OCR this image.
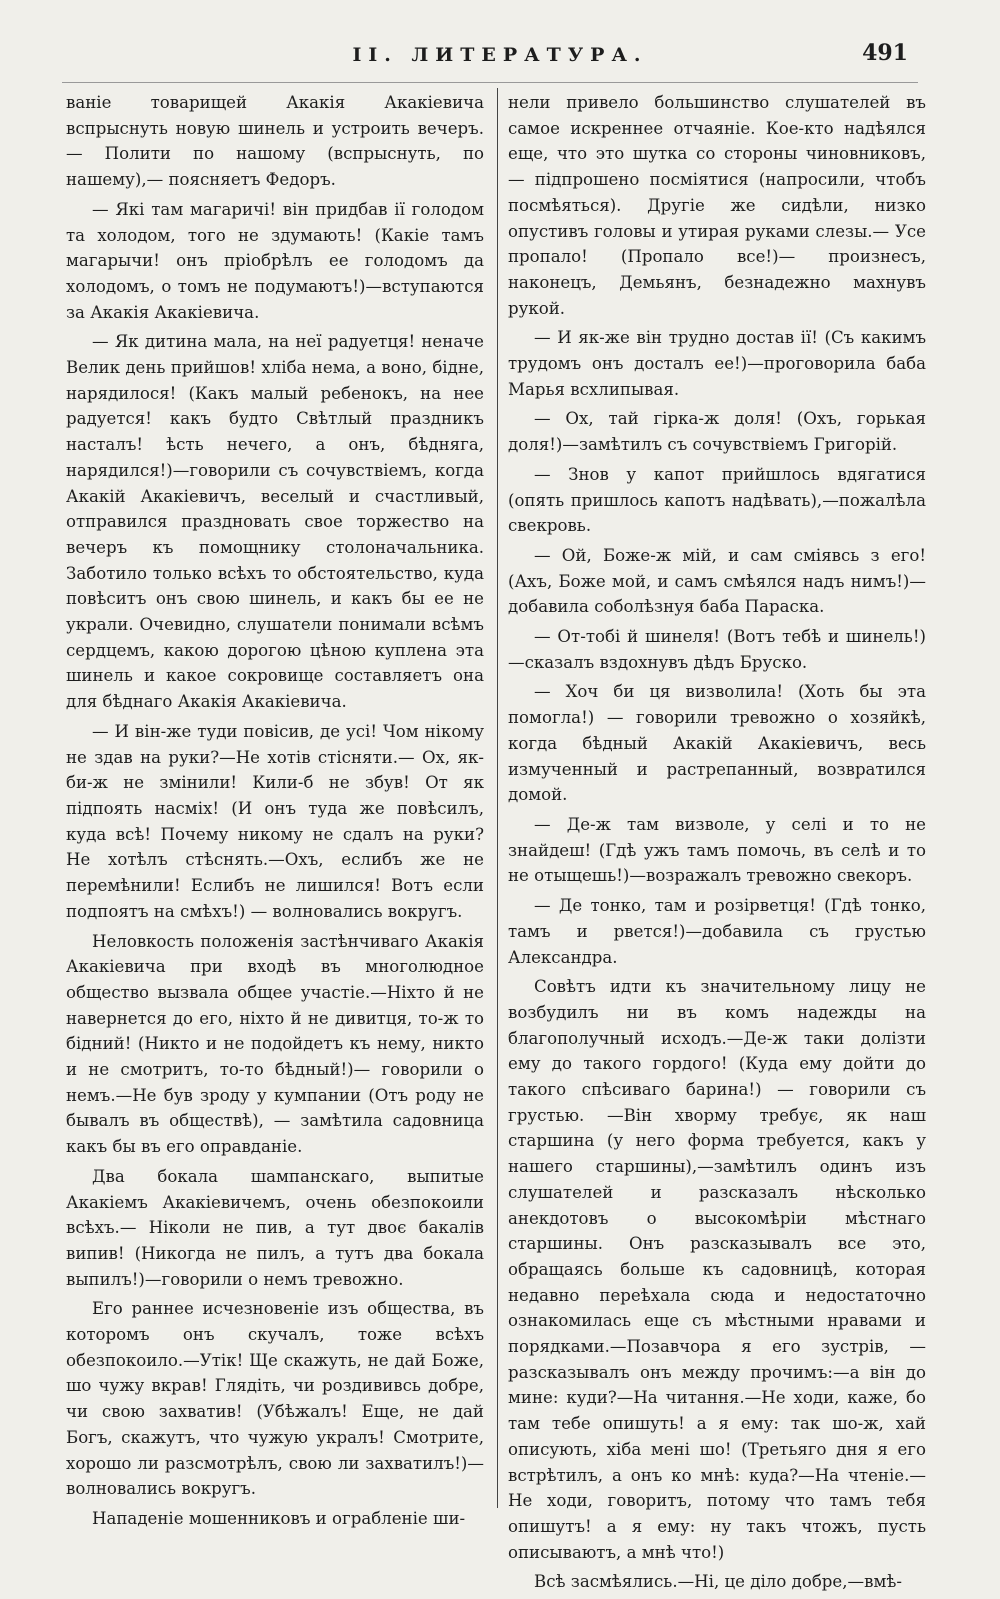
II. ЛИТЕРАТУРА.	491

ваніе товарищей Акакія Акакіевича вспрыснуть новую шинель и устроить вечеръ.— Полити по нашому (вспрыснуть, по нашему),— поясняетъ Федоръ.

— Які там магаричі! він придбав ії голодом та холодом, того не здумають! (Какіе тамъ магарычи! онъ пріобрѣлъ ее голодомъ да холодомъ, о томъ не подумаютъ!)—вступаются за Акакія Акакіевича.

— Як дитина мала, на неї радуетця! неначе Велик день прийшов! хліба нема, а воно, бідне, нарядилося! (Какъ малый ребенокъ, на нее радуется! какъ будто Свѣтлый праздникъ насталъ! ѣсть нечего, а онъ, бѣдняга, нарядился!)—говорили съ сочувствіемъ, когда Акакій Акакіевичъ, веселый и счастливый, отправился праздновать свое торжество на вечеръ къ помощнику столоначальника. Заботило только всѣхъ то обстоятельство, куда повѣситъ онъ свою шинель, и какъ бы ее не украли. Очевидно, слушатели понимали всѣмъ сердцемъ, какою дорогою цѣною куплена эта шинель и какое сокровище составляетъ она для бѣднаго Акакія Акакіевича.

— И він-же туди повісив, де усі! Чом нікому не здав на руки?—Не хотів стісняти.— Ох, як-би-ж не змінили! Кили-б не збув! От як підпоять насміх! (И онъ туда же повѣсилъ, куда всѣ! Почему никому не сдалъ на руки? Не хотѣлъ стѣснять.—Охъ, еслибъ же не перемѣнили! Еслибъ не лишился! Вотъ если подпоятъ на смѣхъ!) — волновались вокругъ.

Неловкость положенія застѣнчиваго Акакія Акакіевича при входѣ въ многолюдное общество вызвала общее участіе.—Ніхто й не навернется до его, ніхто й не дивитця, то-ж то бідний! (Никто и не подойдетъ къ нему, никто и не смотритъ, то-то бѣдный!)— говорили о немъ.—Не був зроду у кумпании (Отъ роду не бывалъ въ обществѣ), — замѣтила садовница какъ бы въ его оправданіе.

Два бокала шампанскаго, выпитые Акакіемъ Акакіевичемъ, очень обезпокоили всѣхъ.— Ніколи не пив, а тут двоє бакалів випив! (Никогда не пилъ, а тутъ два бокала выпилъ!)—говорили о немъ тревожно.

Его раннее исчезновеніе изъ общества, въ которомъ онъ скучалъ, тоже всѣхъ обезпокоило.—Утік! Ще скажуть, не дай Боже, шо чужу вкрав! Глядіть, чи роздививсь добре, чи свою захватив! (Убѣжалъ! Еще, не дай Богъ, скажутъ, что чужую укралъ! Смотрите, хорошо ли разсмотрѣлъ, свою ли захватилъ!)—волновались вокругъ.

Нападеніе мошенниковъ и ограбленіе ши-

нели привело большинство слушателей въ самое искреннее отчаяніе. Кое-кто надѣялся еще, что это шутка со стороны чиновниковъ, — підпрошено посміятися (напросили, чтобъ посмѣяться). Другіе же сидѣли, низко опустивъ головы и утирая руками слезы.— Усе пропало! (Пропало все!)— произнесъ, наконецъ, Демьянъ, безнадежно махнувъ рукой.

— И як-же він трудно достав ії! (Съ какимъ трудомъ онъ досталъ ее!)—проговорила баба Марья всхлипывая.

— Ох, тай гірка-ж доля! (Охъ, горькая доля!)—замѣтилъ съ сочувствіемъ Григорій.

— Знов у капот прийшлось вдягатися (опять пришлось капотъ надѣвать),—пожалѣла свекровь.

— Ой, Боже-ж мій, и сам сміявсь з его! (Ахъ, Боже мой, и самъ смѣялся надъ нимъ!)—добавила соболѣзнуя баба Параска.

— От-тобі й шинеля! (Вотъ тебѣ и шинель!)—сказалъ вздохнувъ дѣдъ Бруско.

— Хоч би ця визволила! (Хоть бы эта помогла!) — говорили тревожно о хозяйкѣ, когда бѣдный Акакій Акакіевичъ, весь измученный и растрепанный, возвратился домой.

— Де-ж там визволе, у селі и то не знайдеш! (Гдѣ ужъ тамъ помочь, въ селѣ и то не отыщешь!)—возражалъ тревожно свекоръ.

— Де тонко, там и розірветця! (Гдѣ тонко, тамъ и рвется!)—добавила съ грустью Александра.

Совѣтъ идти къ значительному лицу не возбудилъ ни въ комъ надежды на благополучный исходъ.—Де-ж таки долізти ему до такого гордого! (Куда ему дойти до такого спѣсиваго барина!) — говорили съ грустью. —Він хворму требує, як наш старшина (у него форма требуется, какъ у нашего старшины),—замѣтилъ одинъ изъ слушателей и разсказалъ нѣсколько анекдотовъ о высокомѣріи мѣстнаго старшины. Онъ разсказывалъ все это, обращаясь больше къ садовницѣ, которая недавно переѣхала сюда и недостаточно ознакомилась еще съ мѣстными нравами и порядками.—Позавчора я его зустрів, —разсказывалъ онъ между прочимъ:—а він до мине: куди?—На читання.—Не ходи, каже, бо там тебе опишуть! а я ему: так шо-ж, хай описують, хіба мені шо! (Третьяго дня я его встрѣтилъ, а онъ ко мнѣ: куда?—На чтеніе.—Не ходи, говоритъ, потому что тамъ тебя опишутъ! а я ему: ну такъ чтожъ, пусть описываютъ, а мнѣ что!)

Всѣ засмѣялись.—Ні, це діло добре,—вмѣ-
